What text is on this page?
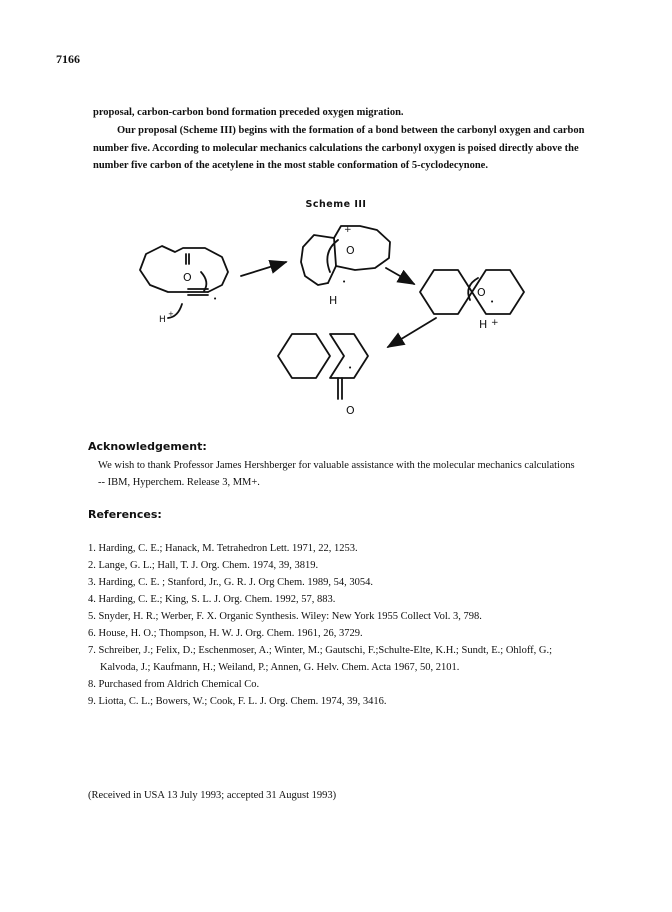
7166
proposal, carbon-carbon bond formation preceded oxygen migration.
Our proposal (Scheme III) begins with the formation of a bond between the carbonyl oxygen and carbon number five. According to molecular mechanics calculations the carbonyl oxygen is poised directly above the number five carbon of the acetylene in the most stable conformation of 5-cyclodecynone.
Scheme III
O
•
H
+
O
+
•
H
O
•
H +
•
O
Acknowledgement:
We wish to thank Professor James Hershberger for valuable assistance with the molecular mechanics calculations -- IBM, Hyperchem. Release 3, MM+.
References:
1. Harding, C. E.; Hanack, M. Tetrahedron Lett. 1971, 22, 1253.
2. Lange, G. L.; Hall, T. J. Org. Chem. 1974, 39, 3819.
3. Harding, C. E. ; Stanford, Jr., G. R. J. Org Chem. 1989, 54, 3054.
4. Harding, C. E.; King, S. L. J. Org. Chem. 1992, 57, 883.
5. Snyder, H. R.; Werber, F. X. Organic Synthesis. Wiley: New York 1955 Collect Vol. 3, 798.
6. House, H. O.; Thompson, H. W. J. Org. Chem. 1961, 26, 3729.
7. Schreiber, J.; Felix, D.; Eschenmoser, A.; Winter, M.; Gautschi, F.;Schulte-Elte, K.H.; Sundt, E.; Ohloff, G.; Kalvoda, J.; Kaufmann, H.; Weiland, P.; Annen, G. Helv. Chem. Acta 1967, 50, 2101.
8. Purchased from Aldrich Chemical Co.
9. Liotta, C. L.; Bowers, W.; Cook, F. L. J. Org. Chem. 1974, 39, 3416.
(Received in USA 13 July 1993; accepted 31 August 1993)
